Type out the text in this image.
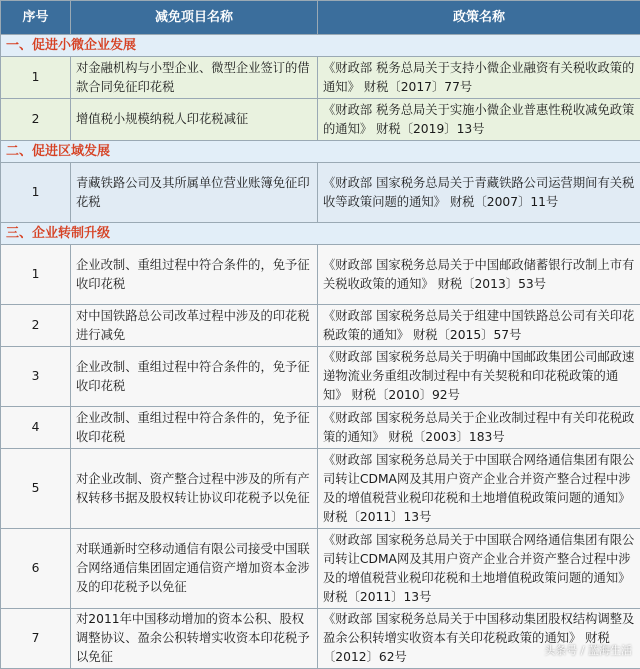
序号	减免项目名称	政策名称
一、促进小微企业发展		
1	对金融机构与小型企业、微型企业签订的借款合同免征印花税	《财政部 税务总局关于支持小微企业融资有关税收政策的通知》 财税〔2017〕77号
2	增值税小规模纳税人印花税减征	《财政部 税务总局关于实施小微企业普惠性税收减免政策的通知》 财税〔2019〕13号
二、促进区域发展		
1	青藏铁路公司及其所属单位营业账簿免征印花税	《财政部 国家税务总局关于青藏铁路公司运营期间有关税收等政策问题的通知》 财税〔2007〕11号
三、企业转制升级		
1	企业改制、重组过程中符合条件的，免予征收印花税	《财政部 国家税务总局关于中国邮政储蓄银行改制上市有关税收政策的通知》 财税〔2013〕53号
2	对中国铁路总公司改革过程中涉及的印花税进行减免	《财政部 国家税务总局关于组建中国铁路总公司有关印花税政策的通知》 财税〔2015〕57号
3	企业改制、重组过程中符合条件的，免予征收印花税	《财政部 国家税务总局关于明确中国邮政集团公司邮政速递物流业务重组改制过程中有关契税和印花税政策的通知》 财税〔2010〕92号
4	企业改制、重组过程中符合条件的，免予征收印花税	《财政部 国家税务总局关于企业改制过程中有关印花税政策的通知》 财税〔2003〕183号
5	对企业改制、资产整合过程中涉及的所有产权转移书据及股权转让协议印花税予以免征	《财政部 国家税务总局关于中国联合网络通信集团有限公司转让CDMA网及其用户资产企业合并资产整合过程中涉及的增值税营业税印花税和土地增值税政策问题的通知》 财税〔2011〕13号
6	对联通新时空移动通信有限公司接受中国联合网络通信集团固定通信资产增加资本金涉及的印花税予以免征	《财政部 国家税务总局关于中国联合网络通信集团有限公司转让CDMA网及其用户资产企业合并资产整合过程中涉及的增值税营业税印花税和土地增值税政策问题的通知》 财税〔2011〕13号
7	对2011年中国移动增加的资本公积、股权调整协议、盈余公积转增实收资本印花税予以免征	《财政部 国家税务总局关于中国移动集团股权结构调整及盈余公积转增实收资本有关印花税政策的通知》 财税〔2012〕62号	头条号 / 蓝海生活
